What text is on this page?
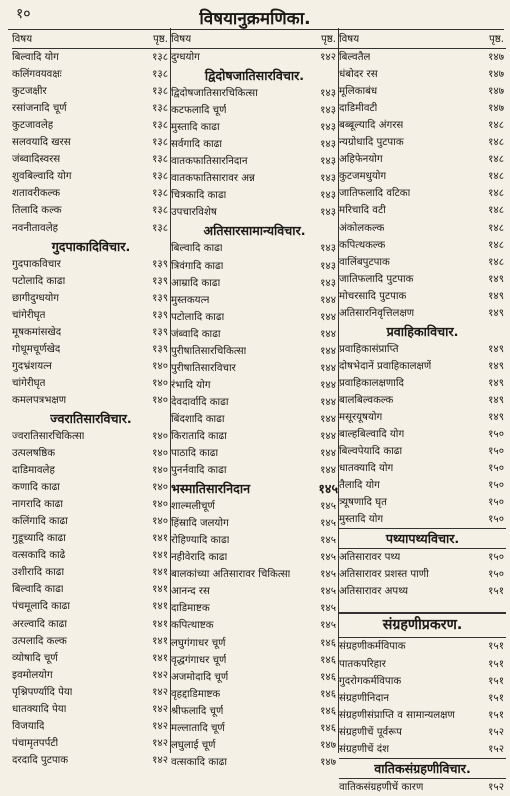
१०	विषयानुक्रमणिका.
विषय	पृष्ठ.
बिल्वादि योग	१३८
कलिंगवयवक्षः	१३८
कुटजक्षीर	१३८
रसांजनादि चूर्ण	१३८
कुटजावलेह	१३८
सलवयादि खरस	१३८
जंब्वादिस्वरस	१३८
शुवबिल्वादि योग	१३८
शतावरीकल्क	१३८
तिलादि कल्क	१३८
नवनीतावलेह	१३८
गुदपाकादिविचार.
गुदपाकविचार	१३९
पटोलादि काढा	१३९
छागीदुग्धयोग	१३९
चांगेरीघृत	१३९
मूषकमांसखेद	१३९
गोधूमचूर्णखेद	१३९
गुदभ्रंशयत्न	१४०
चांगेरीघृत	१४०
कमलपत्रभक्षण	१४०
ज्वरातिसारविचार.
ज्वरातिसारचिकित्सा	१४०
उत्पलषष्ठिक	१४०
दाडिमावलेह	१४०
कणादि काढा	१४०
नागरादि काढा	१४०
कलिंगादि काढा	१४०
गुडूच्यादि काढा	१४१
वत्सकादि काढे	१४१
उशीरादि काढा	१४१
बिल्वादि काढा	१४१
पंचमूलादि काढा	१४१
अरल्वादि काढा	१४१
उत्पलादि कल्क	१४१
व्योषादि चूर्ण	१४१
इवमोलयोग	१४२
पृश्निपर्ण्यादि पेया	१४२
धातक्यादि पेया	१४२
विजयादि	१४२
पंचामृतपर्पटी	१४२
दरदादि पुटपाक	१४२
विषय	पृष्ठ.
दुग्धयोग	१४२
द्विदोषजातिसारविचार.
द्विदोषजातिसारचिकित्सा	१४३
कटफलादि चूर्ण	१४३
मुस्तादि काढा	१४३
सर्वगादि काढा	१४३
वातकफातिसारनिदान	१४३
वातकफातिसारावर अन्न	१४३
चित्रकादि काढा	१४३
उपचारविशेष	१४३
अतिसारसामान्यविचार.
बिल्वादि काढा	१४३
त्रिवंगादि काढा	१४३
आम्रादि काढा	१४३
मुस्तकयत्न	१४४
पटोलादि काढा	१४४
जंब्वादि काढा	१४४
पुरीषातिसारचिकित्सा	१४४
पुरीषातिसारविचार	१४४
रंभादि योग	१४४
देवदार्वादि काढा	१४४
बिंदशादि काढा	१४४
किरातादि काढा	१४४
पाठादि काढा	१४४
पुनर्नवादि काढा	१४४
भस्मातिसारनिदान	१४५
शाल्मलीचूर्ण	१४५
हिंस्रादि जलयोग	१४५
रोहिण्यादि काढा	१४५
नहीवेरादि काढा	१४५
बालकांच्या अतिसारावर चिकित्सा	१४५
आनन्द रस	१४५
दाडिमाष्टक	१४५
कपित्थाष्टक	१४५
लघुगंगाधर चूर्ण	१४६
वृद्धगंगाधर चूर्ण	१४६
अजमोदादि चूर्ण	१४६
वृहद्दाडिमाष्टक	१४६
श्रीफलादि चूर्ण	१४६
मल्लातादि चूर्ण	१४६
लघुलाई चूर्ण	१४७
वत्सकादि काढा	१४७
विषय	पृष्ठ.
बिल्वतैल	१४७
धंबोदर रस	१४७
मूलिकाबंध	१४७
दाडिमीवटी	१४७
बब्बूल्यादि अंगरस	१४८
न्यग्रोधादि पुटपाक	१४८
अहिफेनयोग	१४८
कुटजमधुयोग	१४८
जातिफलादि वटिका	१४८
मरिचादि वटी	१४८
अंकोलकल्क	१४८
कपित्थकल्क	१४८
वालिंबपुटपाक	१४८
जातिफलादि पुटपाक	१४९
मोचरसादि पुटपाक	१४९
अतिसारनिवृत्तिलक्षण	१४९
प्रवाहिकाविचार.
प्रवाहिकासंप्राप्ति	१४९
दोषभेदानें प्रवाहिकालक्षणें	१४९
प्रवाहिकालक्षणादि	१४९
बालबिल्वकल्क	१४९
मसूरयूषयोग	१४९
बाल्हबिल्वादि योग	१५०
बिल्वपेयादि काढा	१५०
धातक्यादि योग	१५०
तैलादि योग	१५०
त्र्यूषणादि घृत	१५०
मुस्तादि योग	१५०
पथ्यापथ्यविचार.
अतिसारावर पथ्य	१५०
अतिसारावर प्रशस्त पाणी	१५०
अतिसारावर अपथ्य	१५१
संग्रहणीप्रकरण.
संग्रहणीकर्मविपाक	१५१
पातकपरिहार	१५१
गुदरोगकर्मविपाक	१५१
संग्रहणीनिदान	१५१
संग्रहणीसंप्राप्ति व सामान्यलक्षण	१५१
संग्रहणीचें पूर्वरूप	१५२
संग्रहणीचें दंश	१५२
वातिकसंग्रहणीविचार.
वातिकसंग्रहणीचें कारण	१५२
